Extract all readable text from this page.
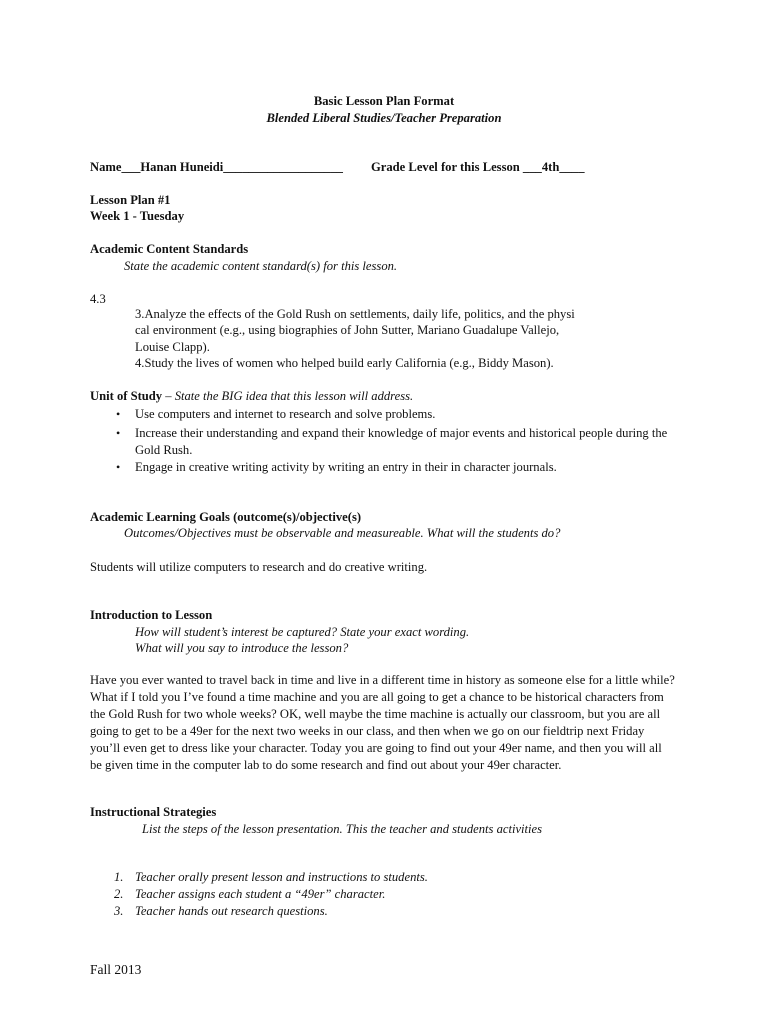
Basic Lesson Plan Format
Blended Liberal Studies/Teacher Preparation
Name___Hanan Huneidi___________________ Grade Level for this Lesson ___4th____
Lesson Plan #1
Week 1 - Tuesday
Academic Content Standards
State the academic content standard(s) for this lesson.
4.3
3.Analyze the effects of the Gold Rush on settlements, daily life, politics, and the physi
cal environment (e.g., using biographies of John Sutter, Mariano Guadalupe Vallejo,
Louise Clapp).
4.Study the lives of women who helped build early California (e.g., Biddy Mason).
Unit of Study – State the BIG idea that this lesson will address.
• Use computers and internet to research and solve problems.
• Increase their understanding and expand their knowledge of major events and historical people during the Gold Rush.
• Engage in creative writing activity by writing an entry in their in character journals.
Academic Learning Goals (outcome(s)/objective(s)
Outcomes/Objectives must be observable and measureable. What will the students do?
Students will utilize computers to research and do creative writing.
Introduction to Lesson
How will student’s interest be captured? State your exact wording.
What will you say to introduce the lesson?
Have you ever wanted to travel back in time and live in a different time in history as someone else for a little while? What if I told you I’ve found a time machine and you are all going to get a chance to be historical characters from the Gold Rush for two whole weeks? OK, well maybe the time machine is actually our classroom, but you are all going to get to be a 49er for the next two weeks in our class, and then when we go on our fieldtrip next Friday you’ll even get to dress like your character. Today you are going to find out your 49er name, and then you will all be given time in the computer lab to do some research and find out about your 49er character.
Instructional Strategies
List the steps of the lesson presentation. This the teacher and students activities
1. Teacher orally present lesson and instructions to students.
2. Teacher assigns each student a “49er” character.
3. Teacher hands out research questions.
Fall 2013
